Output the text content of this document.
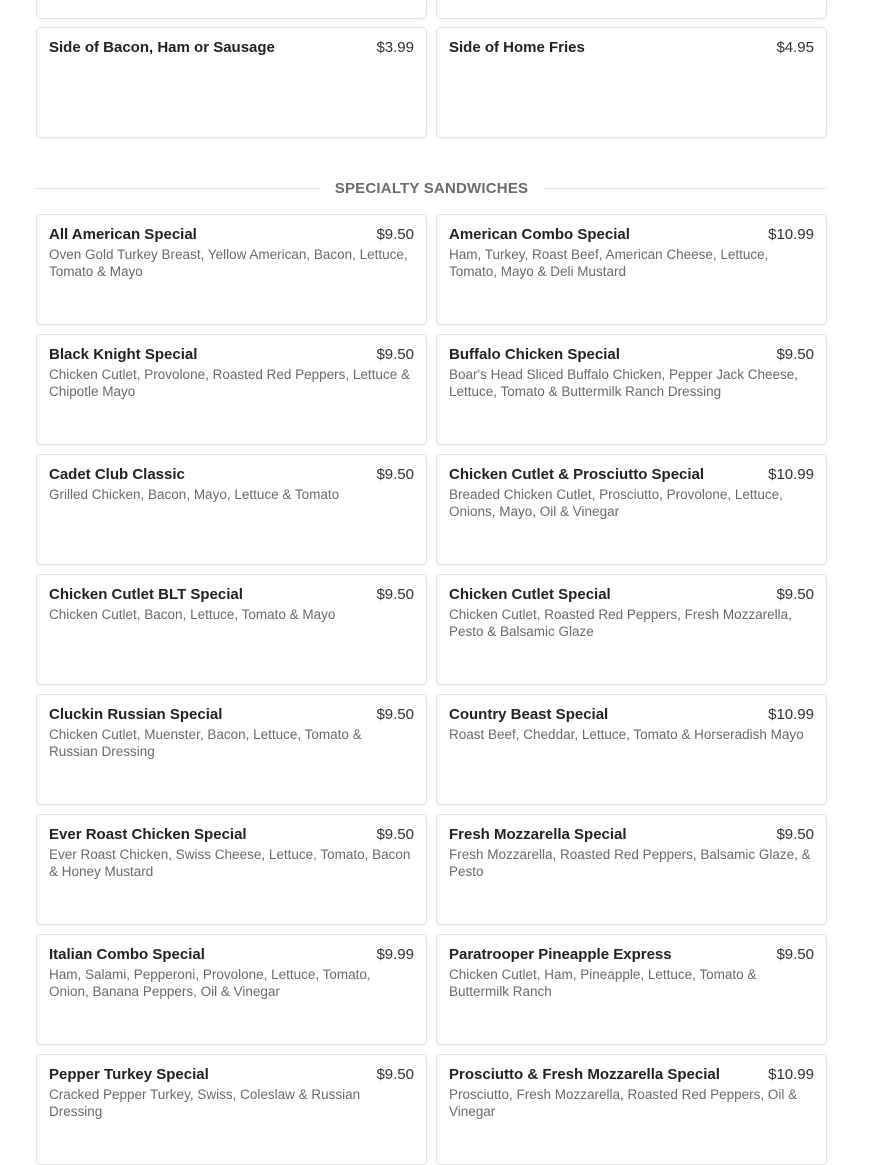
Side of Bacon, Ham or Sausage	$3.99 Side of Home Fries	$4.95
SPECIALTY SANDWICHES
All American Special	$9.50
Oven Gold Turkey Breast, Yellow American, Bacon, Lettuce, Tomato & Mayo
American Combo Special	$10.99
Ham, Turkey, Roast Beef, American Cheese, Lettuce, Tomato, Mayo & Deli Mustard
Black Knight Special	$9.50
Chicken Cutlet, Provolone, Roasted Red Peppers, Lettuce & Chipotle Mayo
Buffalo Chicken Special	$9.50
Boar's Head Sliced Buffalo Chicken, Pepper Jack Cheese, Lettuce, Tomato & Buttermilk Ranch Dressing
Cadet Club Classic	$9.50
Grilled Chicken, Bacon, Mayo, Lettuce & Tomato
Chicken Cutlet & Prosciutto Special	$10.99
Breaded Chicken Cutlet, Prosciutto, Provolone, Lettuce, Onions, Mayo, Oil & Vinegar
Chicken Cutlet BLT Special	$9.50
Chicken Cutlet, Bacon, Lettuce, Tomato & Mayo
Chicken Cutlet Special	$9.50
Chicken Cutlet, Roasted Red Peppers, Fresh Mozzarella, Pesto & Balsamic Glaze
Cluckin Russian Special	$9.50
Chicken Cutlet, Muenster, Bacon, Lettuce, Tomato & Russian Dressing
Country Beast Special	$10.99
Roast Beef, Cheddar, Lettuce, Tomato & Horseradish Mayo
Ever Roast Chicken Special	$9.50
Ever Roast Chicken, Swiss Cheese, Lettuce, Tomato, Bacon & Honey Mustard
Fresh Mozzarella Special	$9.50
Fresh Mozzarella, Roasted Red Peppers, Balsamic Glaze, & Pesto
Italian Combo Special	$9.99
Ham, Salami, Pepperoni, Provolone, Lettuce, Tomato, Onion, Banana Peppers, Oil & Vinegar
Paratrooper Pineapple Express	$9.50
Chicken Cutlet, Ham, Pineapple, Lettuce, Tomato & Buttermilk Ranch
Pepper Turkey Special	$9.50
Cracked Pepper Turkey, Swiss, Coleslaw & Russian Dressing
Prosciutto & Fresh Mozzarella Special	$10.99
Prosciutto, Fresh Mozzarella, Roasted Red Peppers, Oil & Vinegar
